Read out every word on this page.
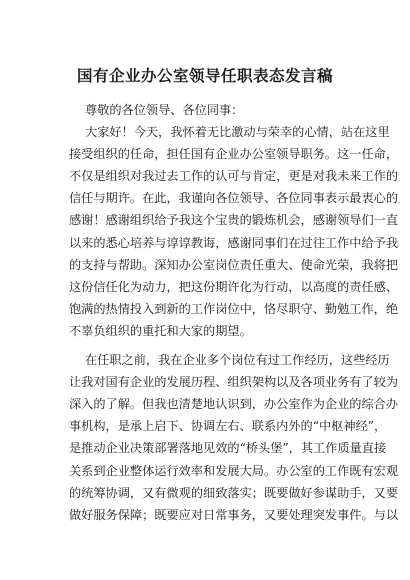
国有企业办公室领导任职表态发言稿
尊敬的各位领导、各位同事：
大家好！今天，我怀着无比激动与荣幸的心情，站在这里
接受组织的任命，担任国有企业办公室领导职务。这一任命，
不仅是组织对我过去工作的认可与肯定，更是对我未来工作的
信任与期许。在此，我谨向各位领导、各位同事表示最衷心的
感谢！感谢组织给予我这个宝贵的锻炼机会，感谢领导们一直
以来的悉心培养与谆谆教诲，感谢同事们在过往工作中给予我
的支持与帮助。深知办公室岗位责任重大、使命光荣，我将把
这份信任化为动力，把这份期许化为行动，以高度的责任感、
饱满的热情投入到新的工作岗位中，恪尽职守、勤勉工作，绝
不辜负组织的重托和大家的期望。
在任职之前，我在企业多个岗位有过工作经历，这些经历
让我对国有企业的发展历程、组织架构以及各项业务有了较为
深入的了解。但我也清楚地认识到，办公室作为企业的综合办
事机构，是承上启下、协调左右、联系内外的“中枢神经”，
是推动企业决策部署落地见效的“桥头堡”，其工作质量直接
关系到企业整体运行效率和发展大局。办公室的工作既有宏观
的统筹协调，又有微观的细致落实；既要做好参谋助手，又要
做好服务保障；既要应对日常事务，又要处理突发事件。与以
